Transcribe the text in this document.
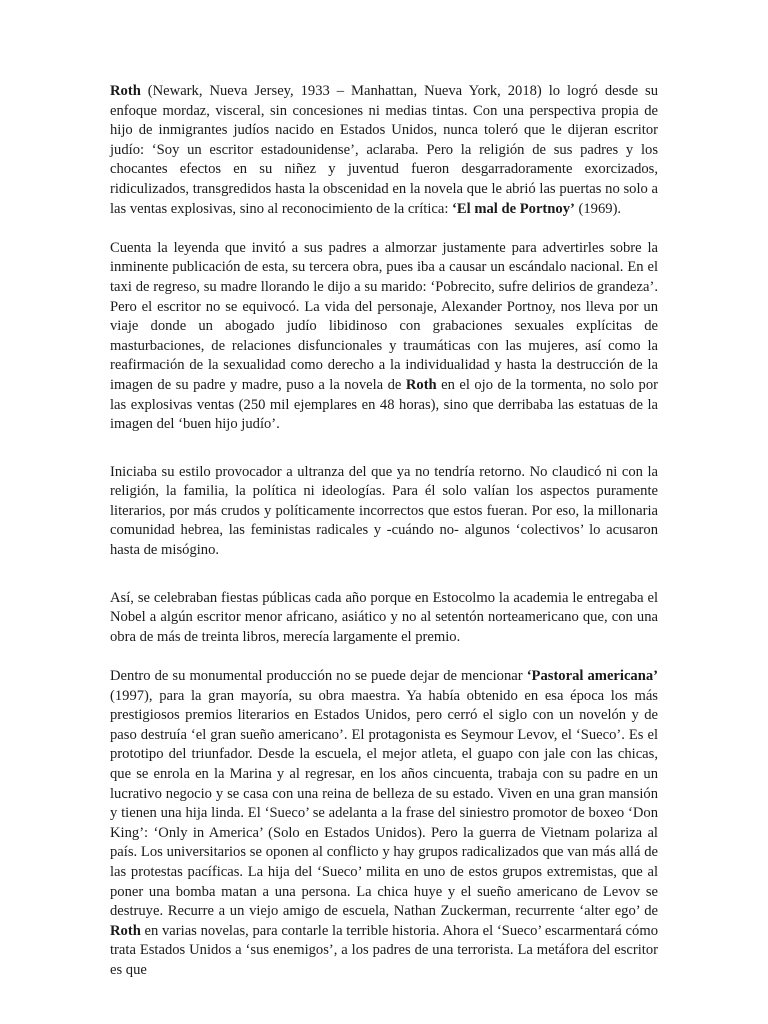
Roth (Newark, Nueva Jersey, 1933 – Manhattan, Nueva York, 2018) lo logró desde su enfoque mordaz, visceral, sin concesiones ni medias tintas. Con una perspectiva propia de hijo de inmigrantes judíos nacido en Estados Unidos, nunca toleró que le dijeran escritor judío: ‘Soy un escritor estadounidense’, aclaraba. Pero la religión de sus padres y los chocantes efectos en su niñez y juventud fueron desgarradoramente exorcizados, ridiculizados, transgredidos hasta la obscenidad en la novela que le abrió las puertas no solo a las ventas explosivas, sino al reconocimiento de la crítica: ‘El mal de Portnoy’ (1969).

Cuenta la leyenda que invitó a sus padres a almorzar justamente para advertirles sobre la inminente publicación de esta, su tercera obra, pues iba a causar un escándalo nacional. En el taxi de regreso, su madre llorando le dijo a su marido: ‘Pobrecito, sufre delirios de grandeza’. Pero el escritor no se equivocó. La vida del personaje, Alexander Portnoy, nos lleva por un viaje donde un abogado judío libidinoso con grabaciones sexuales explícitas de masturbaciones, de relaciones disfuncionales y traumáticas con las mujeres, así como la reafirmación de la sexualidad como derecho a la individualidad y hasta la destrucción de la imagen de su padre y madre, puso a la novela de Roth en el ojo de la tormenta, no solo por las explosivas ventas (250 mil ejemplares en 48 horas), sino que derribaba las estatuas de la imagen del ‘buen hijo judío’.

Iniciaba su estilo provocador a ultranza del que ya no tendría retorno. No claudicó ni con la religión, la familia, la política ni ideologías. Para él solo valían los aspectos puramente literarios, por más crudos y políticamente incorrectos que estos fueran. Por eso, la millonaria comunidad hebrea, las feministas radicales y -cuándo no- algunos ‘colectivos’ lo acusaron hasta de misógino.

Así, se celebraban fiestas públicas cada año porque en Estocolmo la academia le entregaba el Nobel a algún escritor menor africano, asiático y no al setentón norteamericano que, con una obra de más de treinta libros, merecía largamente el premio.

Dentro de su monumental producción no se puede dejar de mencionar ‘Pastoral americana’ (1997), para la gran mayoría, su obra maestra. Ya había obtenido en esa época los más prestigiosos premios literarios en Estados Unidos, pero cerró el siglo con un novelón y de paso destruía ‘el gran sueño americano’. El protagonista es Seymour Levov, el ‘Sueco’. Es el prototipo del triunfador. Desde la escuela, el mejor atleta, el guapo con jale con las chicas, que se enrola en la Marina y al regresar, en los años cincuenta, trabaja con su padre en un lucrativo negocio y se casa con una reina de belleza de su estado. Viven en una gran mansión y tienen una hija linda. El ‘Sueco’ se adelanta a la frase del siniestro promotor de boxeo ‘Don King’: ‘Only in America’ (Solo en Estados Unidos). Pero la guerra de Vietnam polariza al país. Los universitarios se oponen al conflicto y hay grupos radicalizados que van más allá de las protestas pacíficas. La hija del ‘Sueco’ milita en uno de estos grupos extremistas, que al poner una bomba matan a una persona. La chica huye y el sueño americano de Levov se destruye. Recurre a un viejo amigo de escuela, Nathan Zuckerman, recurrente ‘alter ego’ de Roth en varias novelas, para contarle la terrible historia. Ahora el ‘Sueco’ escarmentará cómo trata Estados Unidos a ‘sus enemigos’, a los padres de una terrorista. La metáfora del escritor es que
